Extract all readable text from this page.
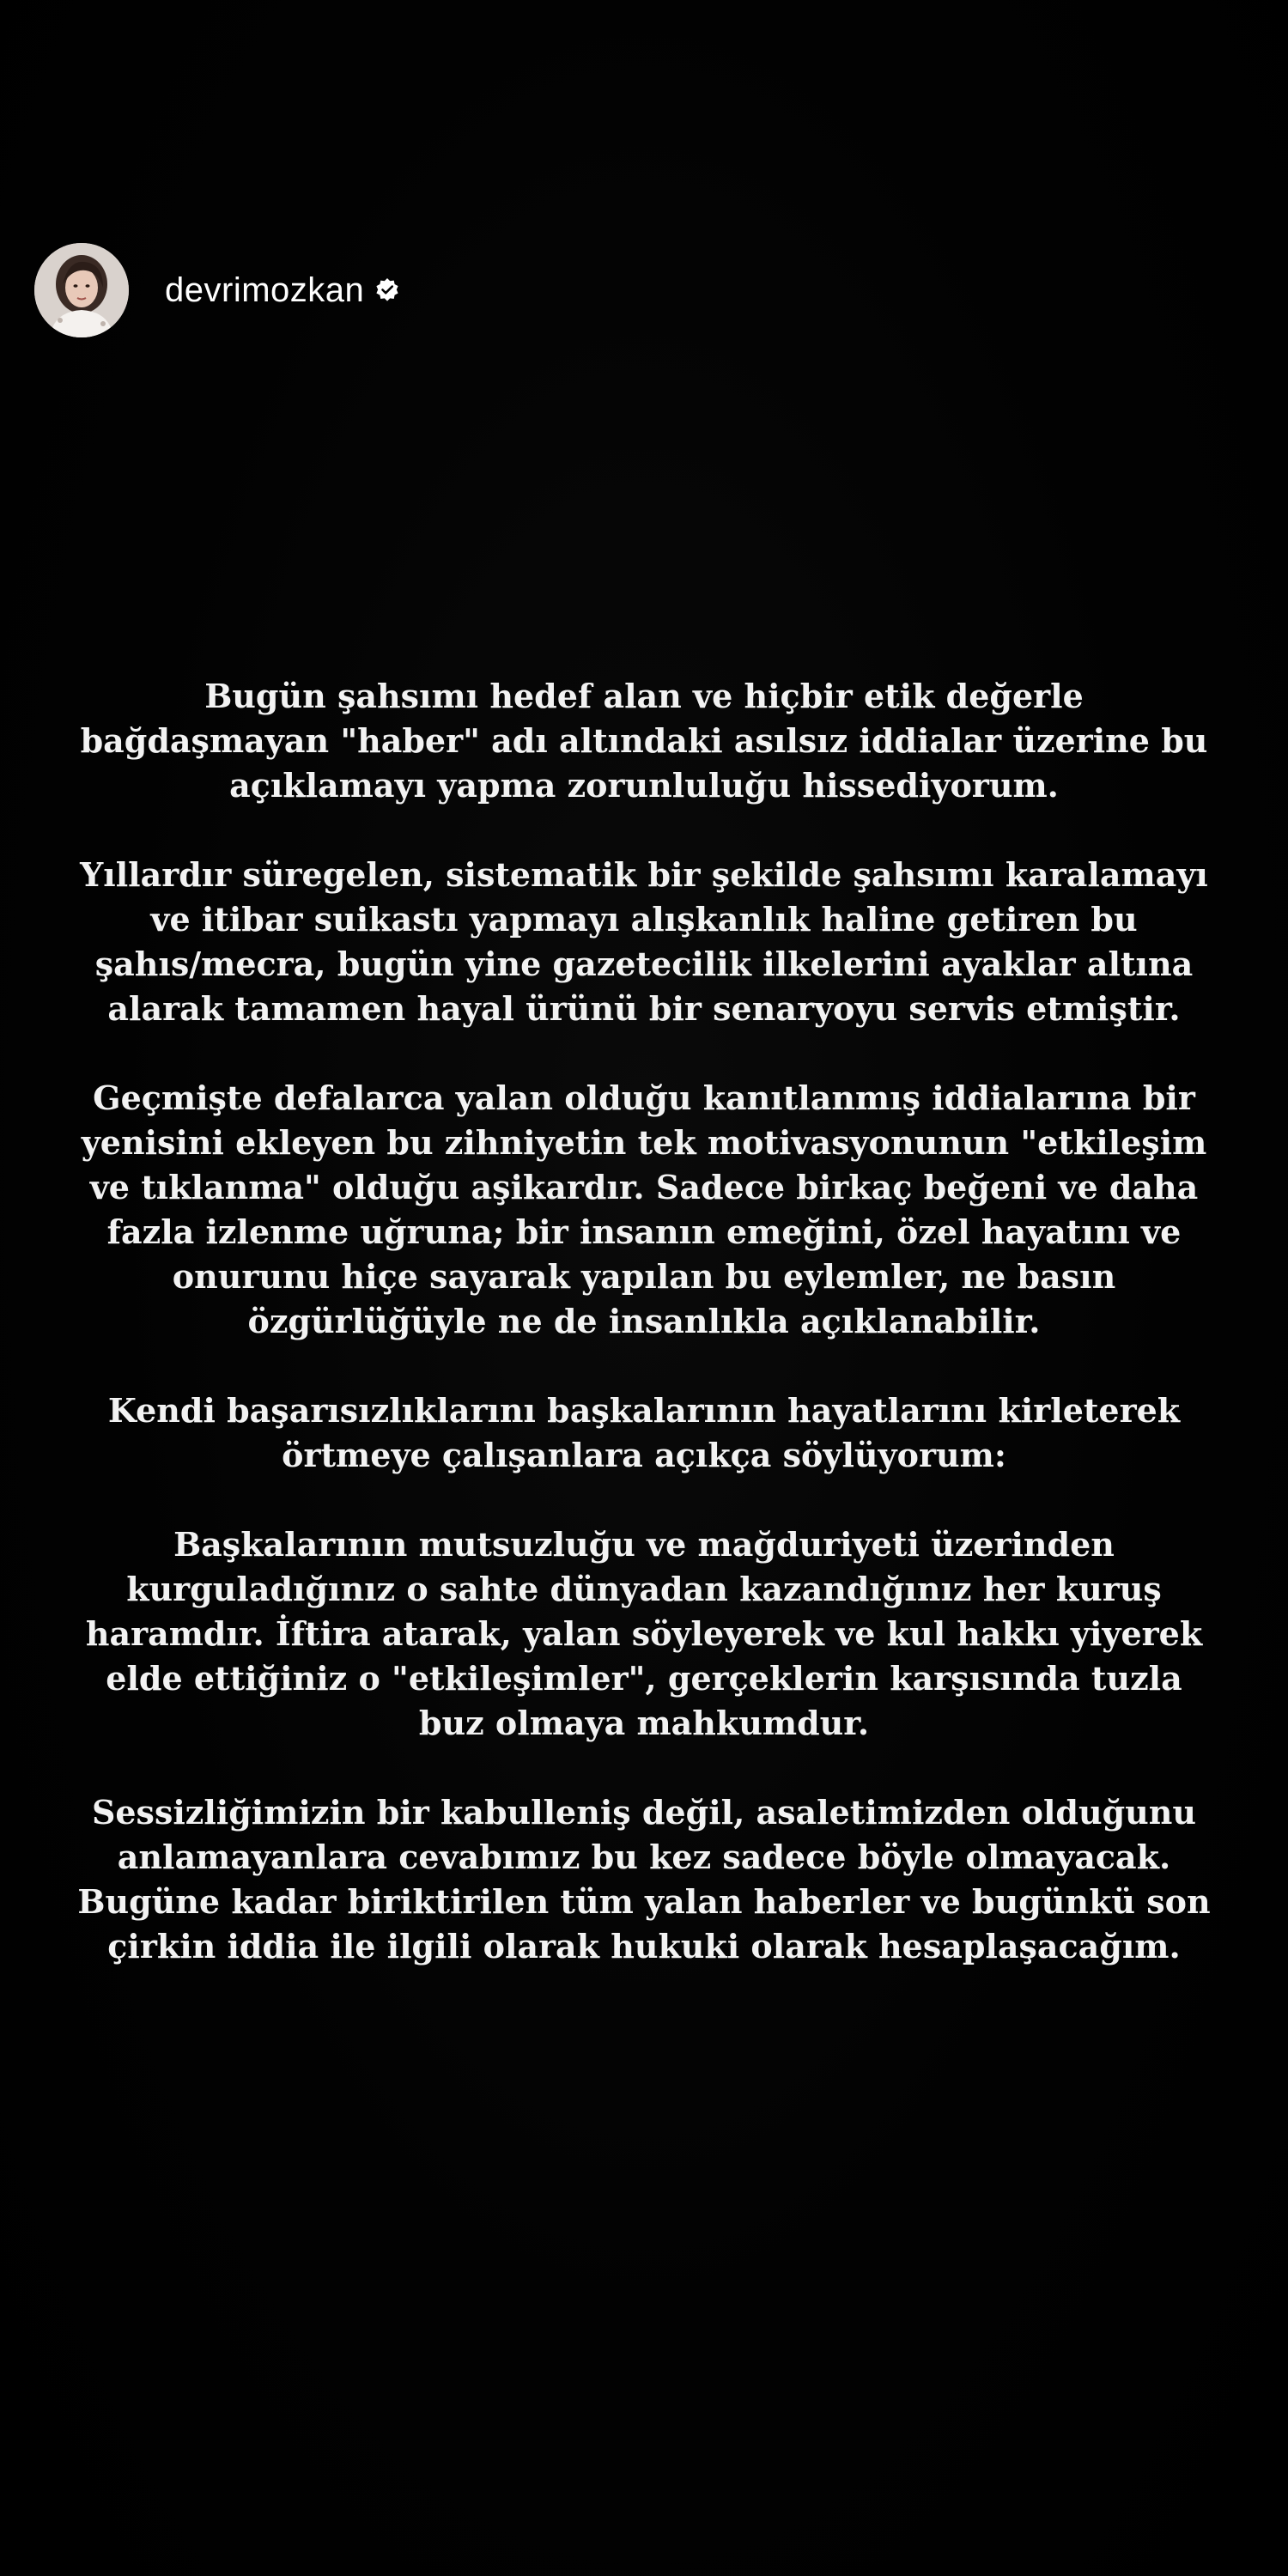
devrimozkan

Bugün şahsımı hedef alan ve hiçbir etik değerle bağdaşmayan "haber" adı altındaki asılsız iddialar üzerine bu açıklamayı yapma zorunluluğu hissediyorum.

Yıllardır süregelen, sistematik bir şekilde şahsımı karalamayı ve itibar suikastı yapmayı alışkanlık haline getiren bu şahıs/mecra, bugün yine gazetecilik ilkelerini ayaklar altına alarak tamamen hayal ürünü bir senaryoyu servis etmiştir.

Geçmişte defalarca yalan olduğu kanıtlanmış iddialarına bir yenisini ekleyen bu zihniyetin tek motivasyonunun "etkileşim ve tıklanma" olduğu aşikardır. Sadece birkaç beğeni ve daha fazla izlenme uğruna; bir insanın emeğini, özel hayatını ve onurunu hiçe sayarak yapılan bu eylemler, ne basın özgürlüğüyle ne de insanlıkla açıklanabilir.

Kendi başarısızlıklarını başkalarının hayatlarını kirleterek örtmeye çalışanlara açıkça söylüyorum:

Başkalarının mutsuzluğu ve mağduriyeti üzerinden kurguladığınız o sahte dünyadan kazandığınız her kuruş haramdır. İftira atarak, yalan söyleyerek ve kul hakkı yiyerek elde ettiğiniz o "etkileşimler", gerçeklerin karşısında tuzla buz olmaya mahkumdur.

Sessizliğimizin bir kabulleniş değil, asaletimizden olduğunu anlamayanlara cevabımız bu kez sadece böyle olmayacak. Bugüne kadar biriktirilen tüm yalan haberler ve bugünkü son çirkin iddia ile ilgili olarak hukuki olarak hesaplaşacağım.
